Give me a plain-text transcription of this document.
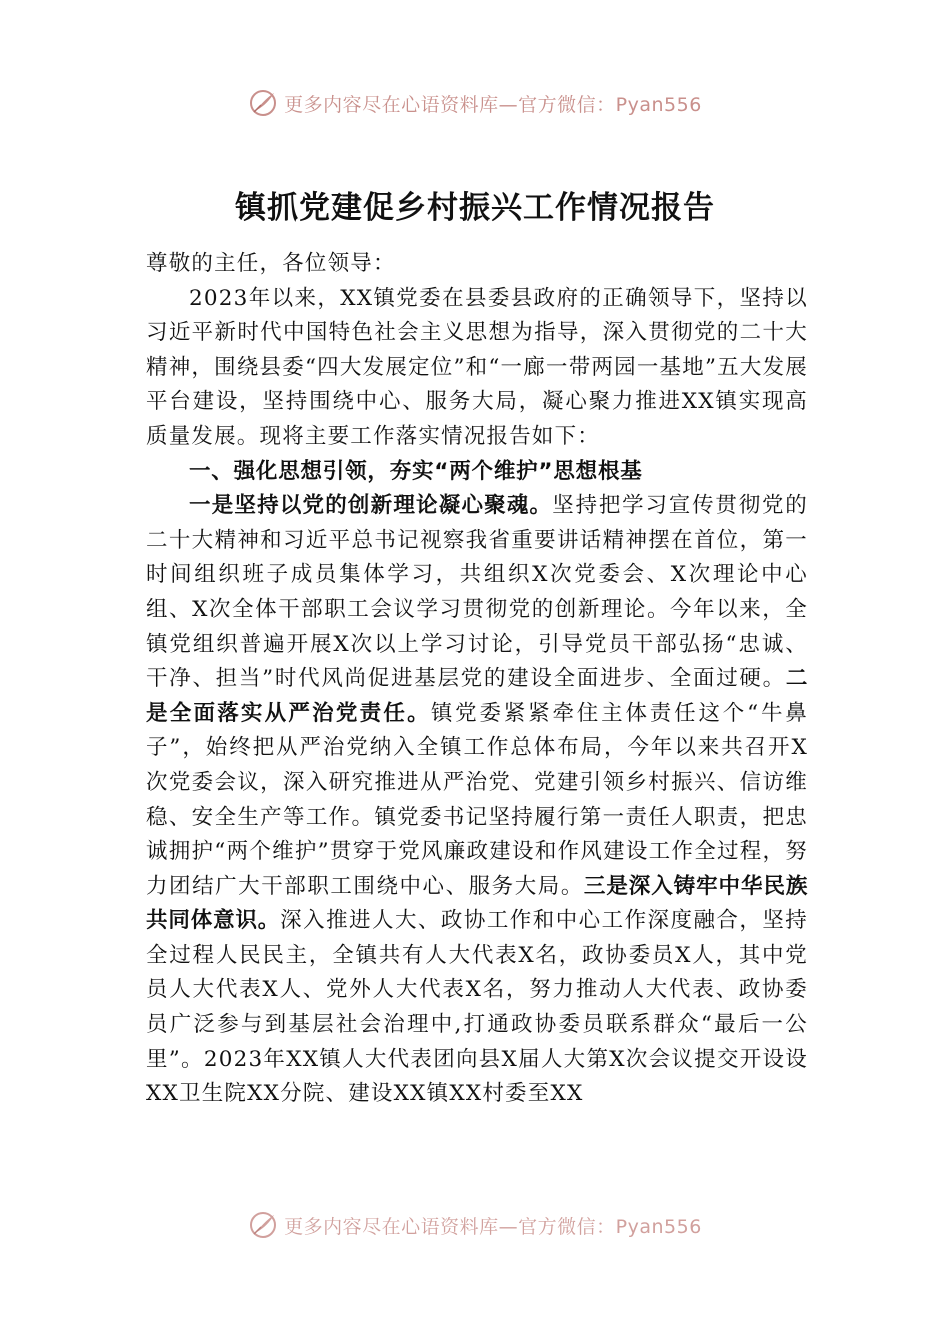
更多内容尽在心语资料库—官方微信：Pyan556
镇抓党建促乡村振兴工作情况报告

尊敬的主任，各位领导：

2023年以来，XX镇党委在县委县政府的正确领导下，坚持以习近平新时代中国特色社会主义思想为指导，深入贯彻党的二十大精神，围绕县委“四大发展定位”和“一廊一带两园一基地”五大发展平台建设，坚持围绕中心、服务大局，凝心聚力推进XX镇实现高质量发展。现将主要工作落实情况报告如下：

一、强化思想引领，夯实“两个维护”思想根基

一是坚持以党的创新理论凝心聚魂。坚持把学习宣传贯彻党的二十大精神和习近平总书记视察我省重要讲话精神摆在首位，第一时间组织班子成员集体学习，共组织X次党委会、X次理论中心组、X次全体干部职工会议学习贯彻党的创新理论。今年以来，全镇党组织普遍开展X次以上学习讨论，引导党员干部弘扬“忠诚、干净、担当”时代风尚促进基层党的建设全面进步、全面过硬。二是全面落实从严治党责任。镇党委紧紧牵住主体责任这个“牛鼻子”，始终把从严治党纳入全镇工作总体布局，今年以来共召开X次党委会议，深入研究推进从严治党、党建引领乡村振兴、信访维稳、安全生产等工作。镇党委书记坚持履行第一责任人职责，把忠诚拥护“两个维护”贯穿于党风廉政建设和作风建设工作全过程，努力团结广大干部职工围绕中心、服务大局。三是深入铸牢中华民族共同体意识。深入推进人大、政协工作和中心工作深度融合，坚持全过程人民民主，全镇共有人大代表X名，政协委员X人，其中党员人大代表X人、党外人大代表X名，努力推动人大代表、政协委员广泛参与到基层社会治理中,打通政协委员联系群众“最后一公里”。2023年XX镇人大代表团向县X届人大第X次会议提交开设设XX卫生院XX分院、建设XX镇XX村委至XX

更多内容尽在心语资料库—官方微信：Pyan556
